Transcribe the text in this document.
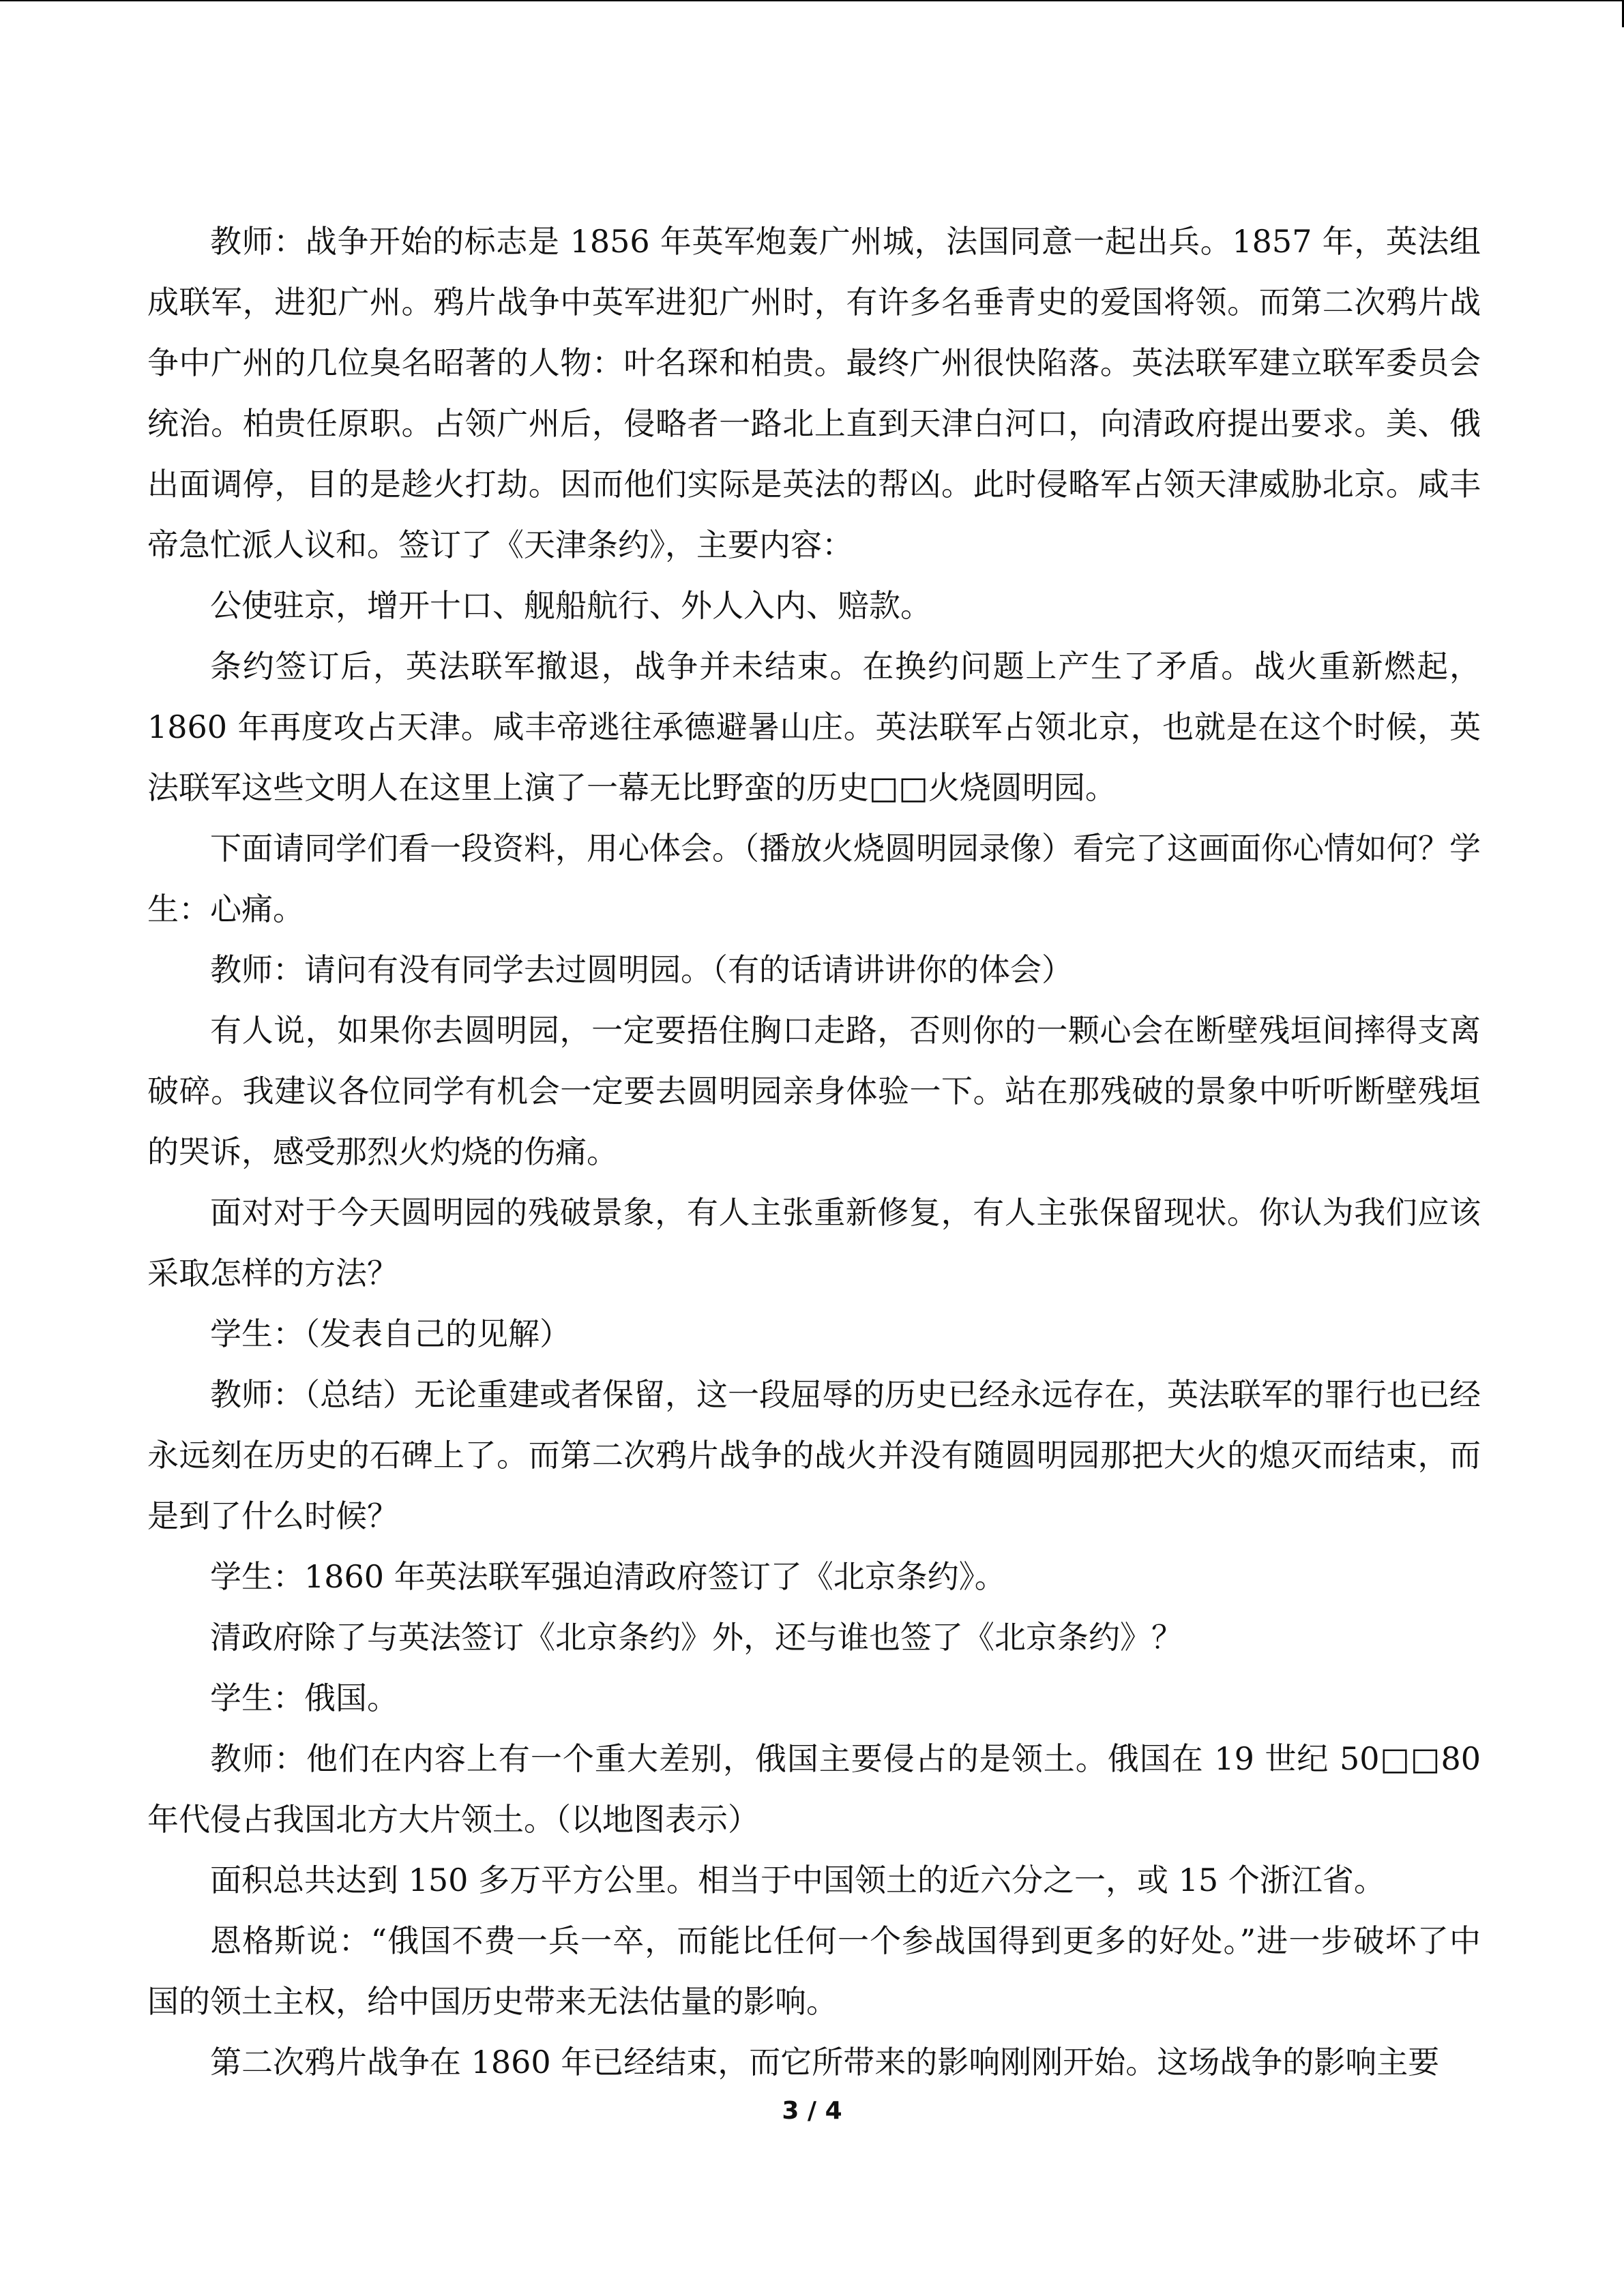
教师：战争开始的标志是 1856 年英军炮轰广州城，法国同意一起出兵。1857 年，英法组成联军，进犯广州。鸦片战争中英军进犯广州时，有许多名垂青史的爱国将领。而第二次鸦片战争中广州的几位臭名昭著的人物：叶名琛和柏贵。最终广州很快陷落。英法联军建立联军委员会统治。柏贵任原职。占领广州后，侵略者一路北上直到天津白河口，向清政府提出要求。美、俄出面调停，目的是趁火打劫。因而他们实际是英法的帮凶。此时侵略军占领天津威胁北京。咸丰帝急忙派人议和。签订了《天津条约》，主要内容：

公使驻京，增开十口、舰船航行、外人入内、赔款。

条约签订后，英法联军撤退，战争并未结束。在换约问题上产生了矛盾。战火重新燃起，1860 年再度攻占天津。咸丰帝逃往承德避暑山庄。英法联军占领北京，也就是在这个时候，英法联军这些文明人在这里上演了一幕无比野蛮的历史□□火烧圆明园。

下面请同学们看一段资料，用心体会。（播放火烧圆明园录像）看完了这画面你心情如何？学生：心痛。

教师：请问有没有同学去过圆明园。（有的话请讲讲你的体会）

有人说，如果你去圆明园，一定要捂住胸口走路，否则你的一颗心会在断壁残垣间摔得支离破碎。我建议各位同学有机会一定要去圆明园亲身体验一下。站在那残破的景象中听听断壁残垣的哭诉，感受那烈火灼烧的伤痛。

面对对于今天圆明园的残破景象，有人主张重新修复，有人主张保留现状。你认为我们应该采取怎样的方法？

学生：（发表自己的见解）

教师：（总结）无论重建或者保留，这一段屈辱的历史已经永远存在，英法联军的罪行也已经永远刻在历史的石碑上了。而第二次鸦片战争的战火并没有随圆明园那把大火的熄灭而结束，而是到了什么时候？

学生：1860 年英法联军强迫清政府签订了《北京条约》。

清政府除了与英法签订《北京条约》外，还与谁也签了《北京条约》？

学生：俄国。

教师：他们在内容上有一个重大差别，俄国主要侵占的是领土。俄国在 19 世纪 50□□80 年代侵占我国北方大片领土。（以地图表示）

面积总共达到 150 多万平方公里。相当于中国领土的近六分之一，或 15 个浙江省。

恩格斯说：“俄国不费一兵一卒，而能比任何一个参战国得到更多的好处。”进一步破坏了中国的领土主权，给中国历史带来无法估量的影响。

第二次鸦片战争在 1860 年已经结束，而它所带来的影响刚刚开始。这场战争的影响主要

3 / 4
